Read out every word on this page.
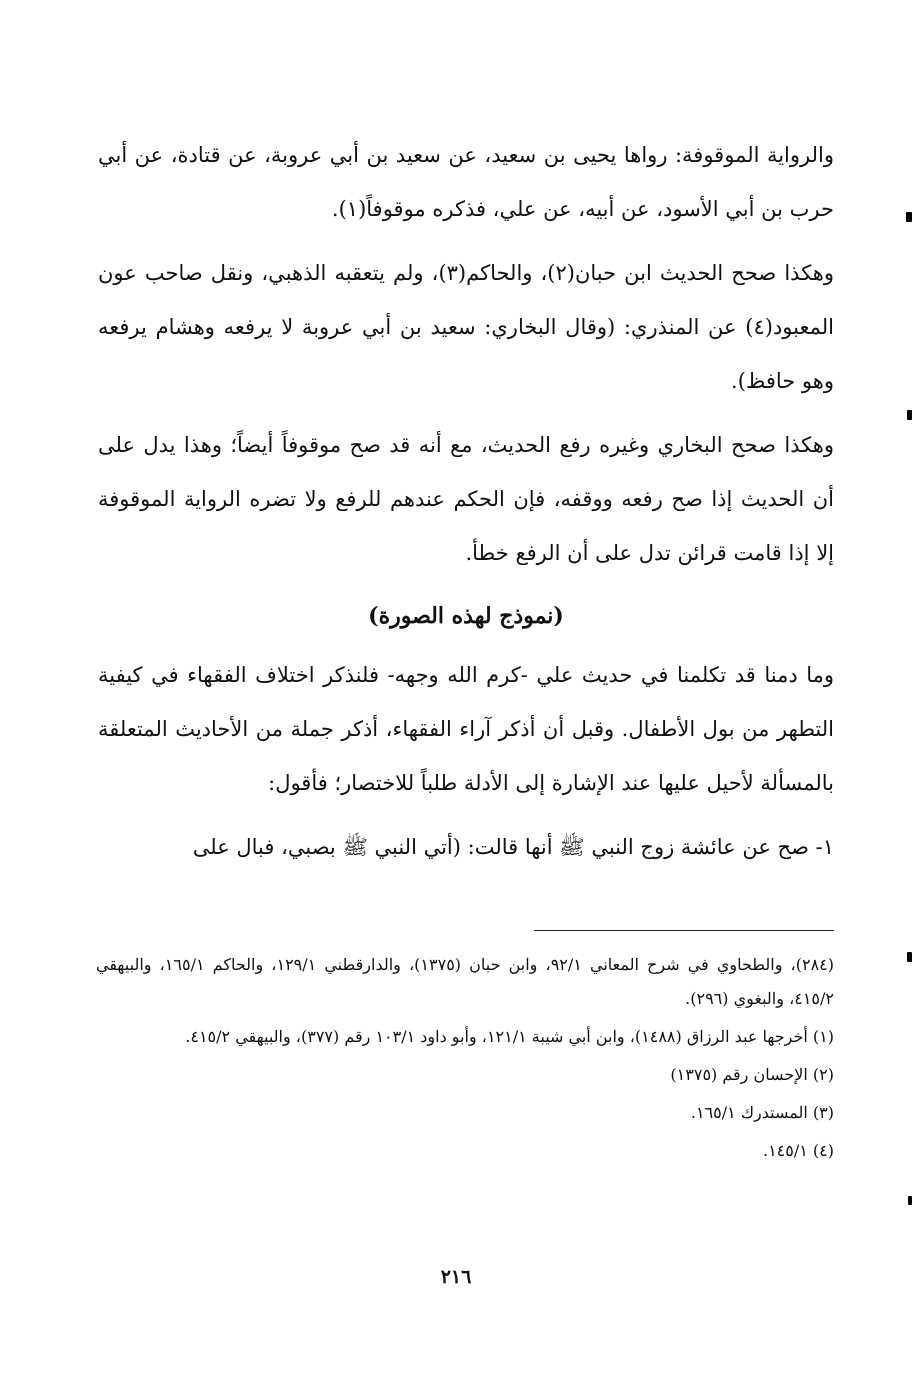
والرواية الموقوفة: رواها يحيى بن سعيد، عن سعيد بن أبي عروبة، عن قتادة، عن أبي حرب بن أبي الأسود، عن أبيه، عن علي، فذكره موقوفاً(١).

وهكذا صحح الحديث ابن حبان(٢)، والحاكم(٣)، ولم يتعقبه الذهبي، ونقل صاحب عون المعبود(٤) عن المنذري: (وقال البخاري: سعيد بن أبي عروبة لا يرفعه وهشام يرفعه وهو حافظ).

وهكذا صحح البخاري وغيره رفع الحديث، مع أنه قد صح موقوفاً أيضاً؛ وهذا يدل على أن الحديث إذا صح رفعه ووقفه، فإن الحكم عندهم للرفع ولا تضره الرواية الموقوفة إلا إذا قامت قرائن تدل على أن الرفع خطأ.

(نموذج لهذه الصورة)

وما دمنا قد تكلمنا في حديث علي -كرم الله وجهه- فلنذكر اختلاف الفقهاء في كيفية التطهر من بول الأطفال. وقبل أن أذكر آراء الفقهاء، أذكر جملة من الأحاديث المتعلقة بالمسألة لأحيل عليها عند الإشارة إلى الأدلة طلباً للاختصار؛ فأقول:

١- صح عن عائشة زوج النبي ﷺ أنها قالت: (أتي النبي ﷺ بصبي، فبال على

(٢٨٤)، والطحاوي في شرح المعاني ٩٢/١، وابن حبان (١٣٧٥)، والدارقطني ١٢٩/١، والحاكم ١٦٥/١، والبيهقي ٤١٥/٢، والبغوي (٢٩٦).

(١) أخرجها عبد الرزاق (١٤٨٨)، وابن أبي شيبة ١٢١/١، وأبو داود ١٠٣/١ رقم (٣٧٧)، والبيهقي ٤١٥/٢.

(٢) الإحسان رقم (١٣٧٥)

(٣) المستدرك ١٦٥/١.

(٤) ١٤٥/١.

٢١٦
